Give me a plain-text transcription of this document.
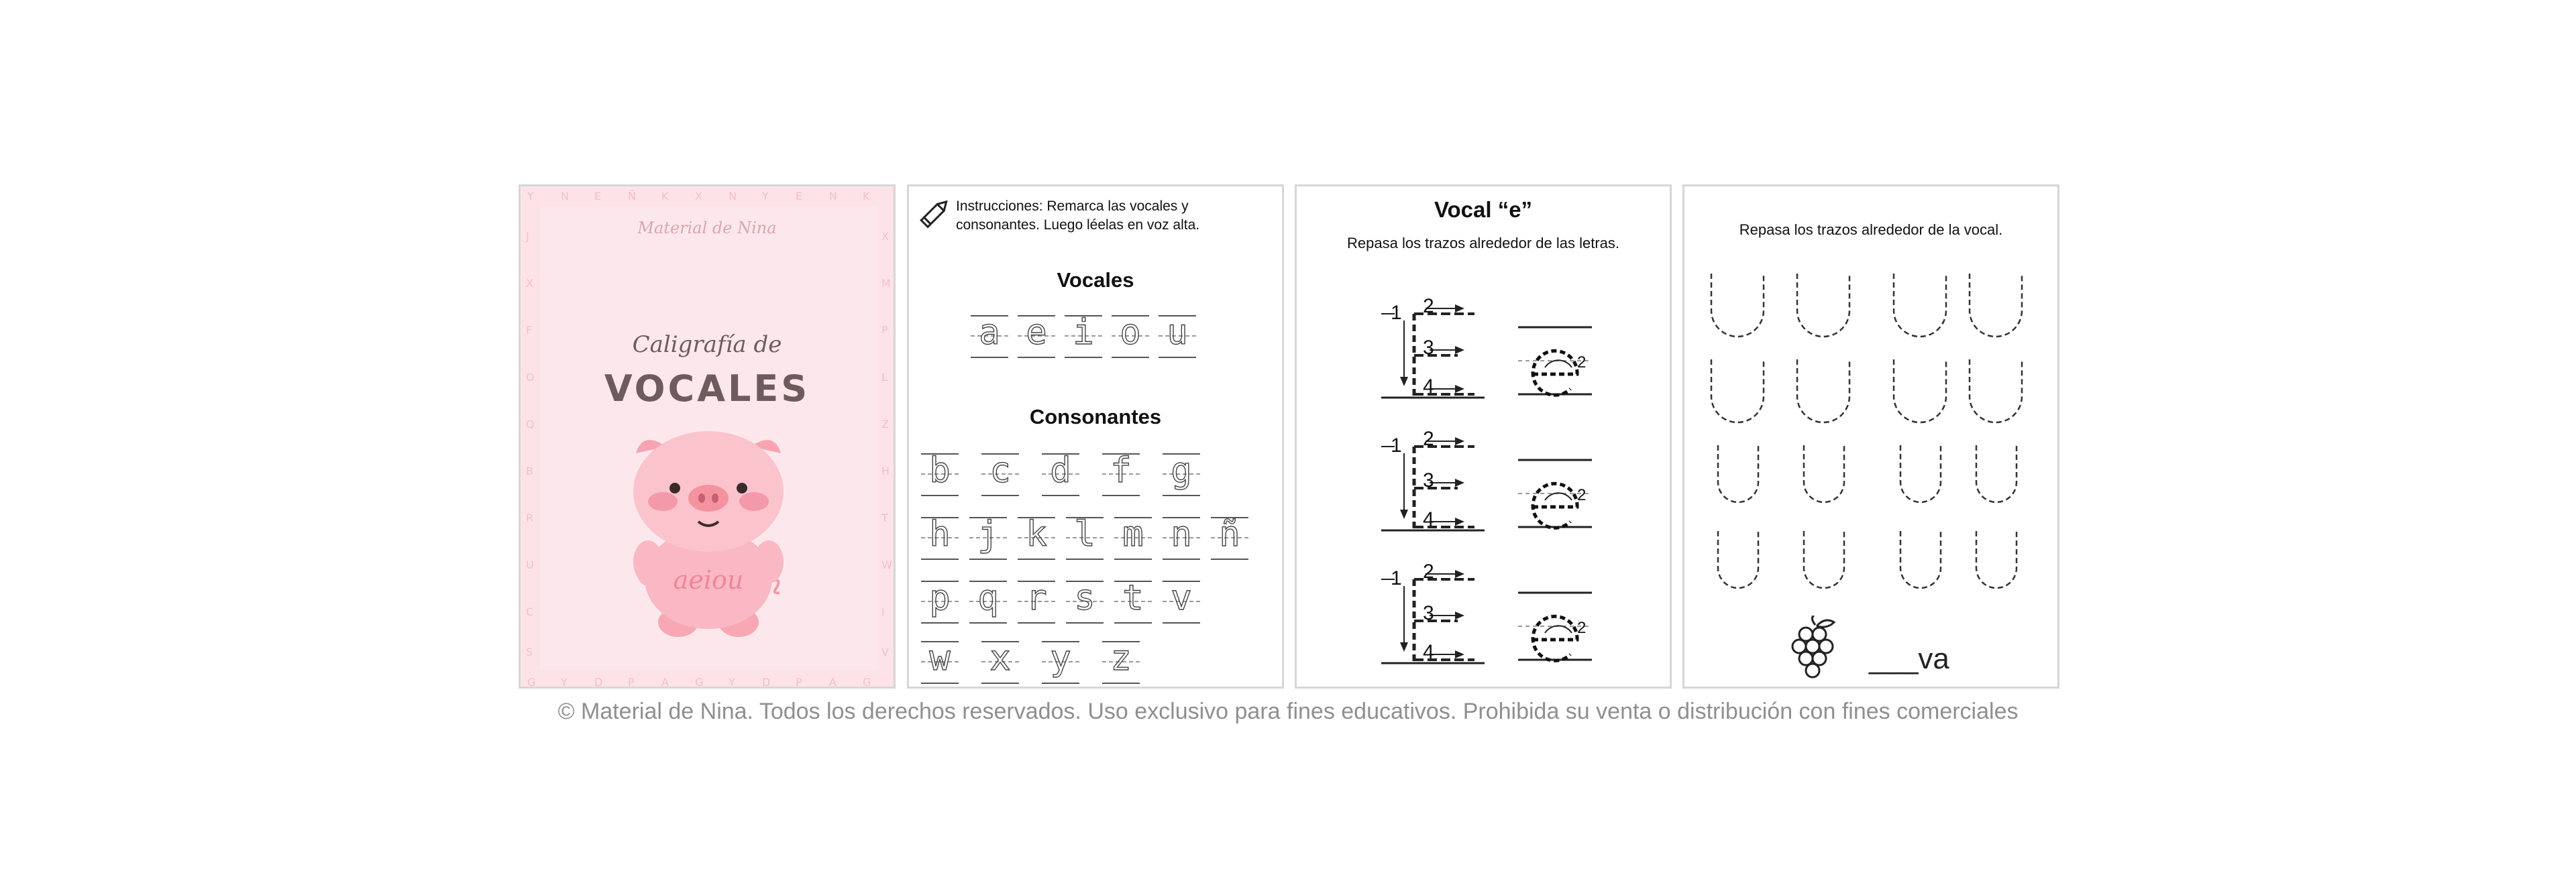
Y	N E Ñ K X N Y	E N K
G Y	D P	A G Y	D P	A G
J
X
F
O
Q
B
R
U
C
S
X
M
P
L
Z
H
T
W
I
V
Material de Nina
Caligrafía de
VOCALES
aeiou
Instrucciones: Remarca las vocales y consonantes. Luego léelas en voz alta.
Vocales
a e i o u
Consonantes
b c d f g
h j k l m n ñ
p q r s t v
w x y z
Vocal “e”
Repasa los trazos alrededor de las letras.
1 2
3
4
2
1 2
3
4
2
1 2
3
4
2
Repasa los trazos alrededor de la vocal.
___va
© Material de Nina. Todos los derechos reservados. Uso exclusivo para fines educativos. Prohibida su venta o distribución con fines comerciales
